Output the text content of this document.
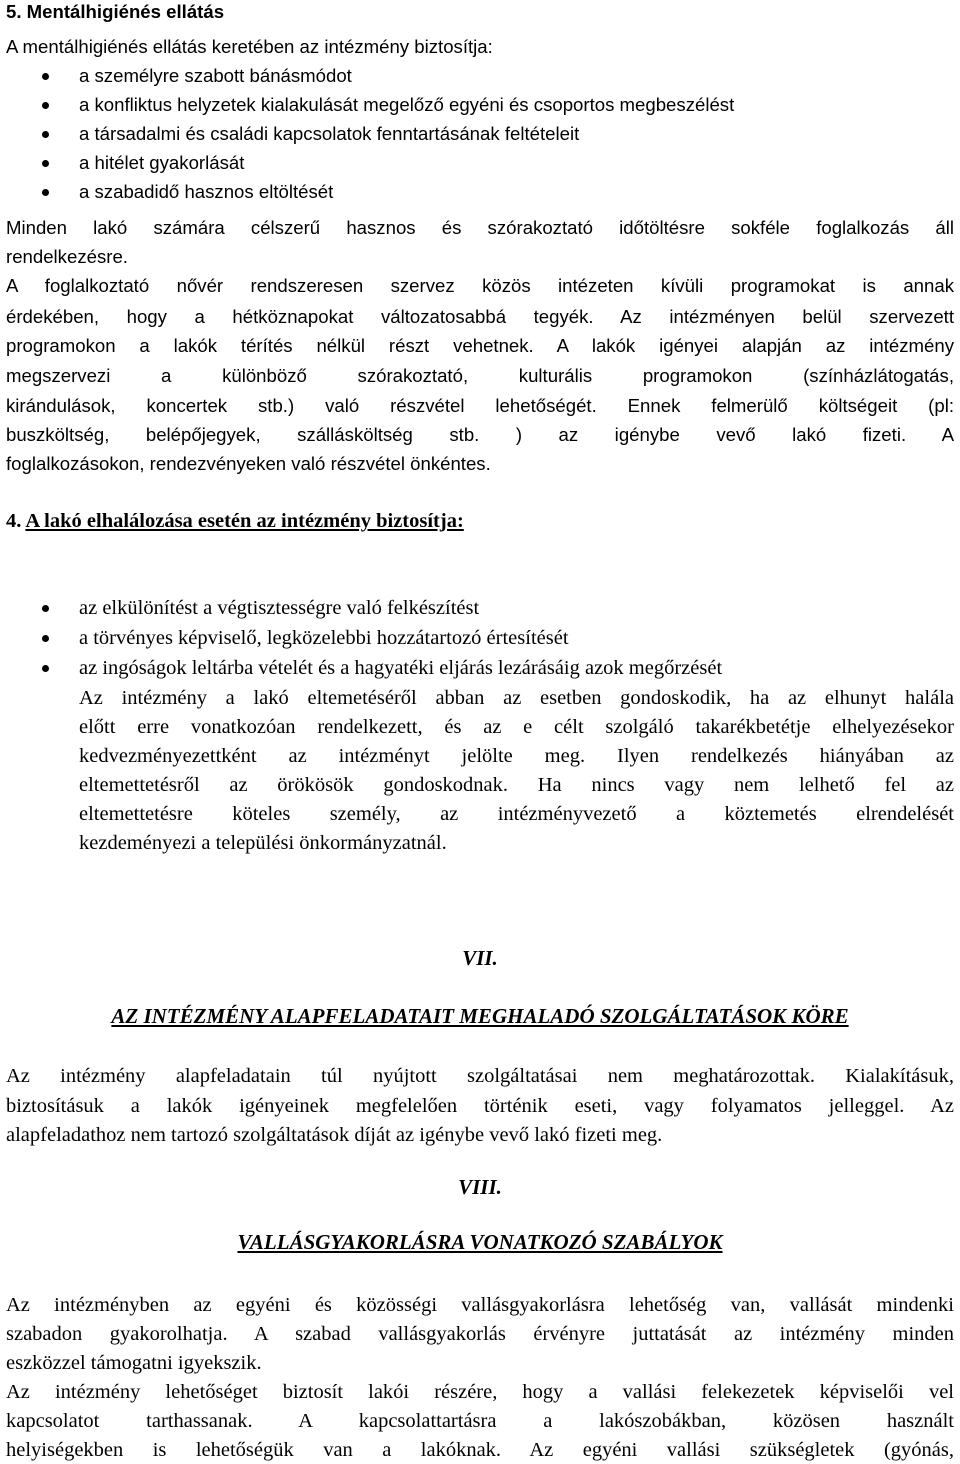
5. Mentálhigiénés ellátás
A mentálhigiénés ellátás keretében az intézmény biztosítja:
a személyre szabott bánásmódot
a konfliktus helyzetek kialakulását megelőző egyéni és csoportos megbeszélést
a társadalmi és családi kapcsolatok fenntartásának feltételeit
a hitélet gyakorlását
a szabadidő hasznos eltöltését
Minden lakó számára célszerű hasznos és szórakoztató időtöltésre sokféle foglalkozás áll
rendelkezésre.
A foglalkoztató nővér rendszeresen szervez közös intézeten kívüli programokat is annak
érdekében, hogy a hétköznapokat változatosabbá tegyék. Az intézményen belül szervezett
programokon a lakók térítés nélkül részt vehetnek. A lakók igényei alapján az intézmény
megszervezi a különböző szórakoztató, kulturális programokon (színházlátogatás,
kirándulások, koncertek stb.) való részvétel lehetőségét. Ennek felmerülő költségeit (pl:
buszköltség, belépőjegyek, szállásköltség stb. ) az igénybe vevő lakó fizeti. A
foglalkozásokon, rendezvényeken való részvétel önkéntes.
4. A lakó elhalálozása esetén az intézmény biztosítja:
az elkülönítést a végtisztességre való felkészítést
a törvényes képviselő, legközelebbi hozzátartozó értesítését
az ingóságok leltárba vételét és a hagyatéki eljárás lezárásáig azok megőrzését
Az intézmény a lakó eltemetéséről abban az esetben gondoskodik, ha az elhunyt halála
előtt erre vonatkozóan rendelkezett, és az e célt szolgáló takarékbetétje elhelyezésekor
kedvezményezettként az intézményt jelölte meg. Ilyen rendelkezés hiányában az
eltemettetésről az örökösök gondoskodnak. Ha nincs vagy nem lelhető fel az
eltemettetésre köteles személy, az intézményvezető a köztemetés elrendelését
kezdeményezi a települési önkormányzatnál.
VII.
AZ INTÉZMÉNY ALAPFELADATAIT MEGHALADÓ SZOLGÁLTATÁSOK KÖRE
Az intézmény alapfeladatain túl nyújtott szolgáltatásai nem meghatározottak. Kialakításuk,
biztosításuk a lakók igényeinek megfelelően történik eseti, vagy folyamatos jelleggel. Az
alapfeladathoz nem tartozó szolgáltatások díját az igénybe vevő lakó fizeti meg.
VIII.
VALLÁSGYAKORLÁSRA VONATKOZÓ SZABÁLYOK
Az intézményben az egyéni és közösségi vallásgyakorlásra lehetőség van, vallását mindenki
szabadon gyakorolhatja. A szabad vallásgyakorlás érvényre juttatását az intézmény minden
eszközzel támogatni igyekszik.
Az intézmény lehetőséget biztosít lakói részére, hogy a vallási felekezetek képviselői vel
kapcsolatot tarthassanak. A kapcsolattartásra a lakószobákban, közösen használt
helyiségekben is lehetőségük van a lakóknak. Az egyéni vallási szükségletek (gyónás,
